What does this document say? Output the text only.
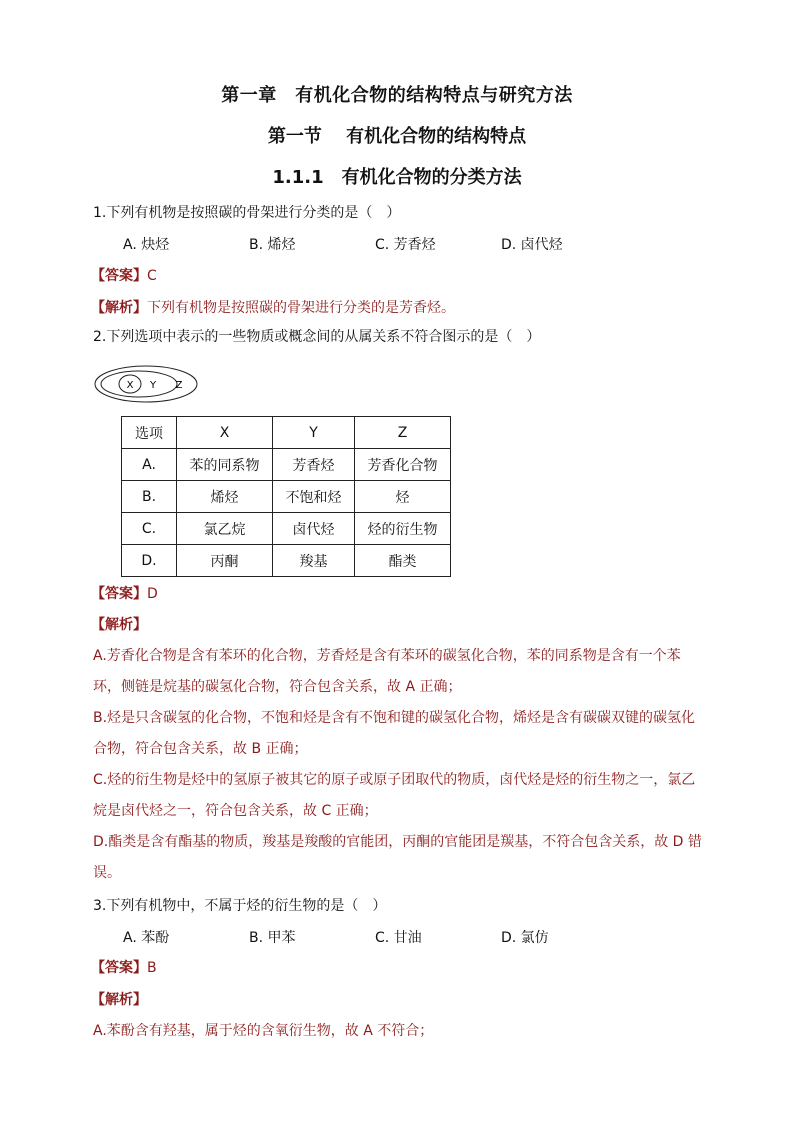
第一章　有机化合物的结构特点与研究方法
第一节　 有机化合物的结构特点
1.1.1　有机化合物的分类方法
1.下列有机物是按照碳的骨架进行分类的是（　）
A. 炔烃	B. 烯烃	C. 芳香烃	D. 卤代烃
【答案】C
【解析】下列有机物是按照碳的骨架进行分类的是芳香烃。
2.下列选项中表示的一些物质或概念间的从属关系不符合图示的是（　）
X Y Z
选项	X	Y	Z
A.	苯的同系物	芳香烃	芳香化合物
B.	烯烃	不饱和烃	烃
C.	氯乙烷	卤代烃	烃的衍生物
D.	丙酮	羧基	酯类
【答案】D
【解析】
A.芳香化合物是含有苯环的化合物，芳香烃是含有苯环的碳氢化合物，苯的同系物是含有一个苯环，侧链是烷基的碳氢化合物，符合包含关系，故 A 正确；
B.烃是只含碳氢的化合物，不饱和烃是含有不饱和键的碳氢化合物，烯烃是含有碳碳双键的碳氢化合物，符合包含关系，故 B 正确；
C.烃的衍生物是烃中的氢原子被其它的原子或原子团取代的物质，卤代烃是烃的衍生物之一，氯乙烷是卤代烃之一，符合包含关系，故 C 正确；
D.酯类是含有酯基的物质，羧基是羧酸的官能团，丙酮的官能团是羰基，不符合包含关系，故 D 错误。
3.下列有机物中，不属于烃的衍生物的是（　）
A. 苯酚	B. 甲苯	C. 甘油	D. 氯仿
【答案】B
【解析】
A.苯酚含有羟基，属于烃的含氧衍生物，故 A 不符合；
